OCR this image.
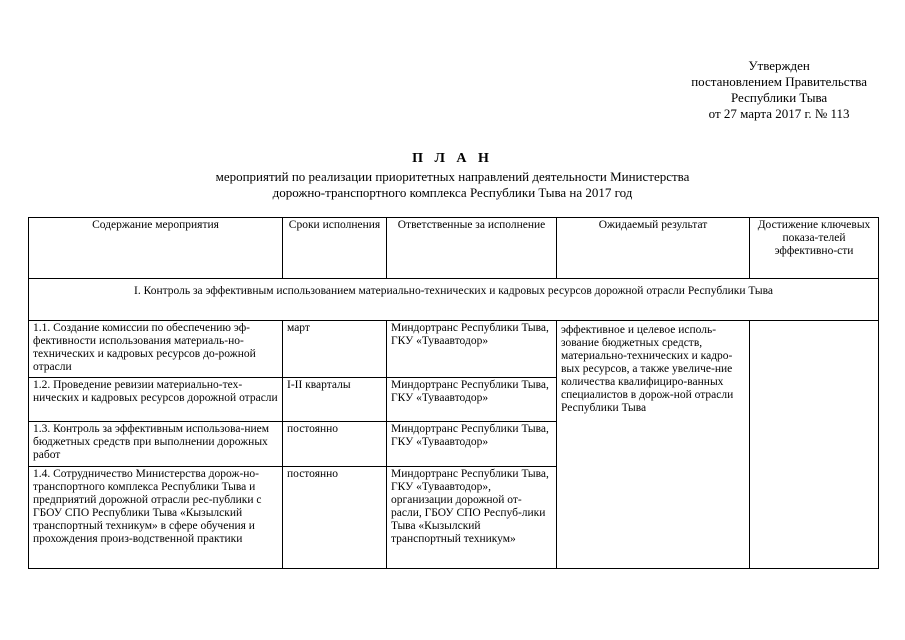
Утвержден
постановлением Правительства
Республики Тыва
от 27 марта 2017 г. № 113
П Л А Н
мероприятий по реализации приоритетных направлений деятельности Министерства
дорожно-транспортного комплекса Республики Тыва на 2017 год
Содержание мероприятия	Сроки исполнения	Ответственные за исполнение	Ожидаемый результат	Достижение ключевых показа-телей эффективно-сти
I. Контроль за эффективным использованием материально-технических и кадровых ресурсов дорожной отрасли Республики Тыва				
1.1. Создание комиссии по обеспечению эф-фективности использования материаль-но-технических и кадровых ресурсов до-рожной отрасли	март	Миндортранс Республики Тыва, ГКУ «Туваавтодор»	эффективное и целевое исполь-зование бюджетных средств, материально-технических и кадро-вых ресурсов, а также увеличе-ние количества квалифициро-ванных специалистов в дорож-ной отрасли Республики Тыва	
1.2. Проведение ревизии материально-тех-нических и кадровых ресурсов дорожной отрасли	I-II кварталы	Миндортранс Республики Тыва, ГКУ «Туваавтодор»		
1.3. Контроль за эффективным использова-нием бюджетных средств при выполнении дорожных работ	постоянно	Миндортранс Республики Тыва, ГКУ «Туваавтодор»		
1.4. Сотрудничество Министерства дорож-но-транспортного комплекса Республики Тыва и предприятий дорожной отрасли рес-публики с ГБОУ СПО Республики Тыва «Кызылский транспортный техникум» в сфере обучения и прохождения произ-водственной практики	постоянно	Миндортранс Республики Тыва, ГКУ «Туваавтодор», организации дорожной от-расли, ГБОУ СПО Респуб-лики Тыва «Кызылский транспортный техникум»		
